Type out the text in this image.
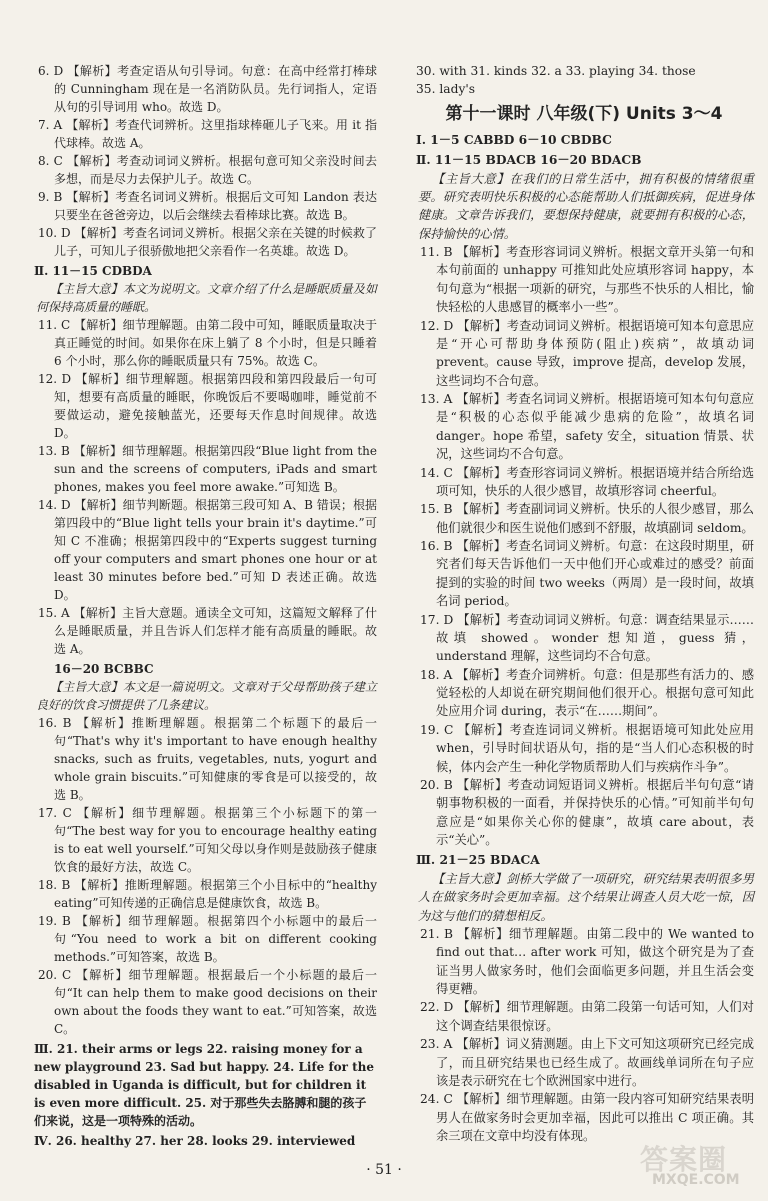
6. D 【解析】考查定语从句引导词。句意：在高中经常打棒球的 Cunningham 现在是一名消防队员。先行词指人，定语从句的引导词用 who。故选 D。
7. A 【解析】考查代词辨析。这里指球棒砸儿子飞来。用 it 指代球棒。故选 A。
8. C 【解析】考查动词词义辨析。根据句意可知父亲没时间去多想，而是尽力去保护儿子。故选 C。
9. B 【解析】考查名词词义辨析。根据后文可知 Landon 表达只要坐在爸爸旁边，以后会继续去看棒球比赛。故选 B。
10. D 【解析】考查名词词义辨析。根据父亲在关键的时候救了儿子，可知儿子很骄傲地把父亲看作一名英雄。故选 D。
Ⅱ. 11－15 CDBDA
【主旨大意】本文为说明文。文章介绍了什么是睡眠质量及如何保持高质量的睡眠。
11. C 【解析】细节理解题。由第二段中可知，睡眠质量取决于真正睡觉的时间。如果你在床上躺了 8 个小时，但是只睡着 6 个小时，那么你的睡眠质量只有 75%。故选 C。
12. D 【解析】细节理解题。根据第四段和第四段最后一句可知，想要有高质量的睡眠，你晚饭后不要喝咖啡，睡觉前不要做运动，避免接触蓝光，还要每天作息时间规律。故选 D。
13. B 【解析】细节理解题。根据第四段“Blue light from the sun and the screens of computers, iPads and smart phones, makes you feel more awake.”可知选 B。
14. D 【解析】细节判断题。根据第三段可知 A、B 错误；根据第四段中的“Blue light tells your brain it's daytime.”可知 C 不准确；根据第四段中的“Experts suggest turning off your computers and smart phones one hour or at least 30 minutes before bed.”可知 D 表述正确。故选 D。
15. A 【解析】主旨大意题。通读全文可知，这篇短文解释了什么是睡眠质量，并且告诉人们怎样才能有高质量的睡眠。故选 A。
16－20 BCBBC
【主旨大意】本文是一篇说明文。文章对于父母帮助孩子建立良好的饮食习惯提供了几条建议。
16. B 【解析】推断理解题。根据第二个标题下的最后一句“That's why it's important to have enough healthy snacks, such as fruits, vegetables, nuts, yogurt and whole grain biscuits.”可知健康的零食是可以接受的，故选 B。
17. C 【解析】细节理解题。根据第三个小标题下的第一句“The best way for you to encourage healthy eating is to eat well yourself.”可知父母以身作则是鼓励孩子健康饮食的最好方法，故选 C。
18. B 【解析】推断理解题。根据第三个小目标中的“healthy eating”可知传递的正确信息是健康饮食，故选 B。
19. B 【解析】细节理解题。根据第四个小标题中的最后一句“You need to work a bit on different cooking methods.”可知答案，故选 B。
20. C 【解析】细节理解题。根据最后一个小标题的最后一句“It can help them to make good decisions on their own about the foods they want to eat.”可知答案，故选 C。
Ⅲ. 21. their arms or legs 22. raising money for a new playground 23. Sad but happy. 24. Life for the disabled in Uganda is difficult, but for children it is even more difficult. 25. 对于那些失去胳膊和腿的孩子们来说，这是一项特殊的活动。
Ⅳ. 26. healthy 27. her 28. looks 29. interviewed
30. with 31. kinds 32. a 33. playing 34. those
35. lady's
第十一课时 八年级(下) Units 3～4
Ⅰ. 1－5 CABBD 6－10 CBDBC
Ⅱ. 11－15 BDACB 16－20 BDACB
【主旨大意】在我们的日常生活中，拥有积极的情绪很重要。研究表明快乐积极的心态能帮助人们抵御疾病，促进身体健康。文章告诉我们，要想保持健康，就要拥有积极的心态，保持愉快的心情。
11. B 【解析】考查形容词词义辨析。根据文章开头第一句和本句前面的 unhappy 可推知此处应填形容词 happy，本句句意为“根据一项新的研究，与那些不快乐的人相比，愉快轻松的人患感冒的概率小一些”。
12. D 【解析】考查动词词义辨析。根据语境可知本句意思应是“开心可帮助身体预防(阻止)疾病”，故填动词 prevent。cause 导致，improve 提高，develop 发展，这些词均不合句意。
13. A 【解析】考查名词词义辨析。根据语境可知本句句意应是“积极的心态似乎能减少患病的危险”，故填名词 danger。hope 希望，safety 安全，situation 情景、状况，这些词均不合句意。
14. C 【解析】考查形容词词义辨析。根据语境并结合所给选项可知，快乐的人很少感冒，故填形容词 cheerful。
15. B 【解析】考查副词词义辨析。快乐的人很少感冒，那么他们就很少和医生说他们感到不舒服，故填副词 seldom。
16. B 【解析】考查名词词义辨析。句意：在这段时期里，研究者们每天告诉他们一天中他们开心或难过的感受？前面提到的实验的时间 two weeks（两周）是一段时间，故填名词 period。
17. D 【解析】考查动词词义辨析。句意：调查结果显示……故填 showed。wonder 想知道，guess 猜，understand 理解，这些词均不合句意。
18. A 【解析】考查介词辨析。句意：但是那些有活力的、感觉轻松的人却说在研究期间他们很开心。根据句意可知此处应用介词 during，表示“在……期间”。
19. C 【解析】考查连词词义辨析。根据语境可知此处应用 when，引导时间状语从句，指的是“当人们心态积极的时候，体内会产生一种化学物质帮助人们与疾病作斗争”。
20. B 【解析】考查动词短语词义辨析。根据后半句句意“请朝事物积极的一面看，并保持快乐的心情。”可知前半句句意应是“如果你关心你的健康”，故填 care about，表示“关心”。
Ⅲ. 21－25 BDACA
【主旨大意】剑桥大学做了一项研究，研究结果表明很多男人在做家务时会更加幸福。这个结果让调查人员大吃一惊，因为这与他们的猜想相反。
21. B 【解析】细节理解题。由第二段中的 We wanted to find out that… after work 可知，做这个研究是为了查证当男人做家务时，他们会面临更多问题，并且生活会变得更糟。
22. D 【解析】细节理解题。由第二段第一句话可知，人们对这个调查结果很惊讶。
23. A 【解析】词义猜测题。由上下文可知这项研究已经完成了，而且研究结果也已经生成了。故画线单词所在句子应该是表示研究在七个欧洲国家中进行。
24. C 【解析】细节理解题。由第一段内容可知研究结果表明男人在做家务时会更加幸福，因此可以推出 C 项正确。其余三项在文章中均没有体现。
· 51 ·	答案圈
MXQE.COM
